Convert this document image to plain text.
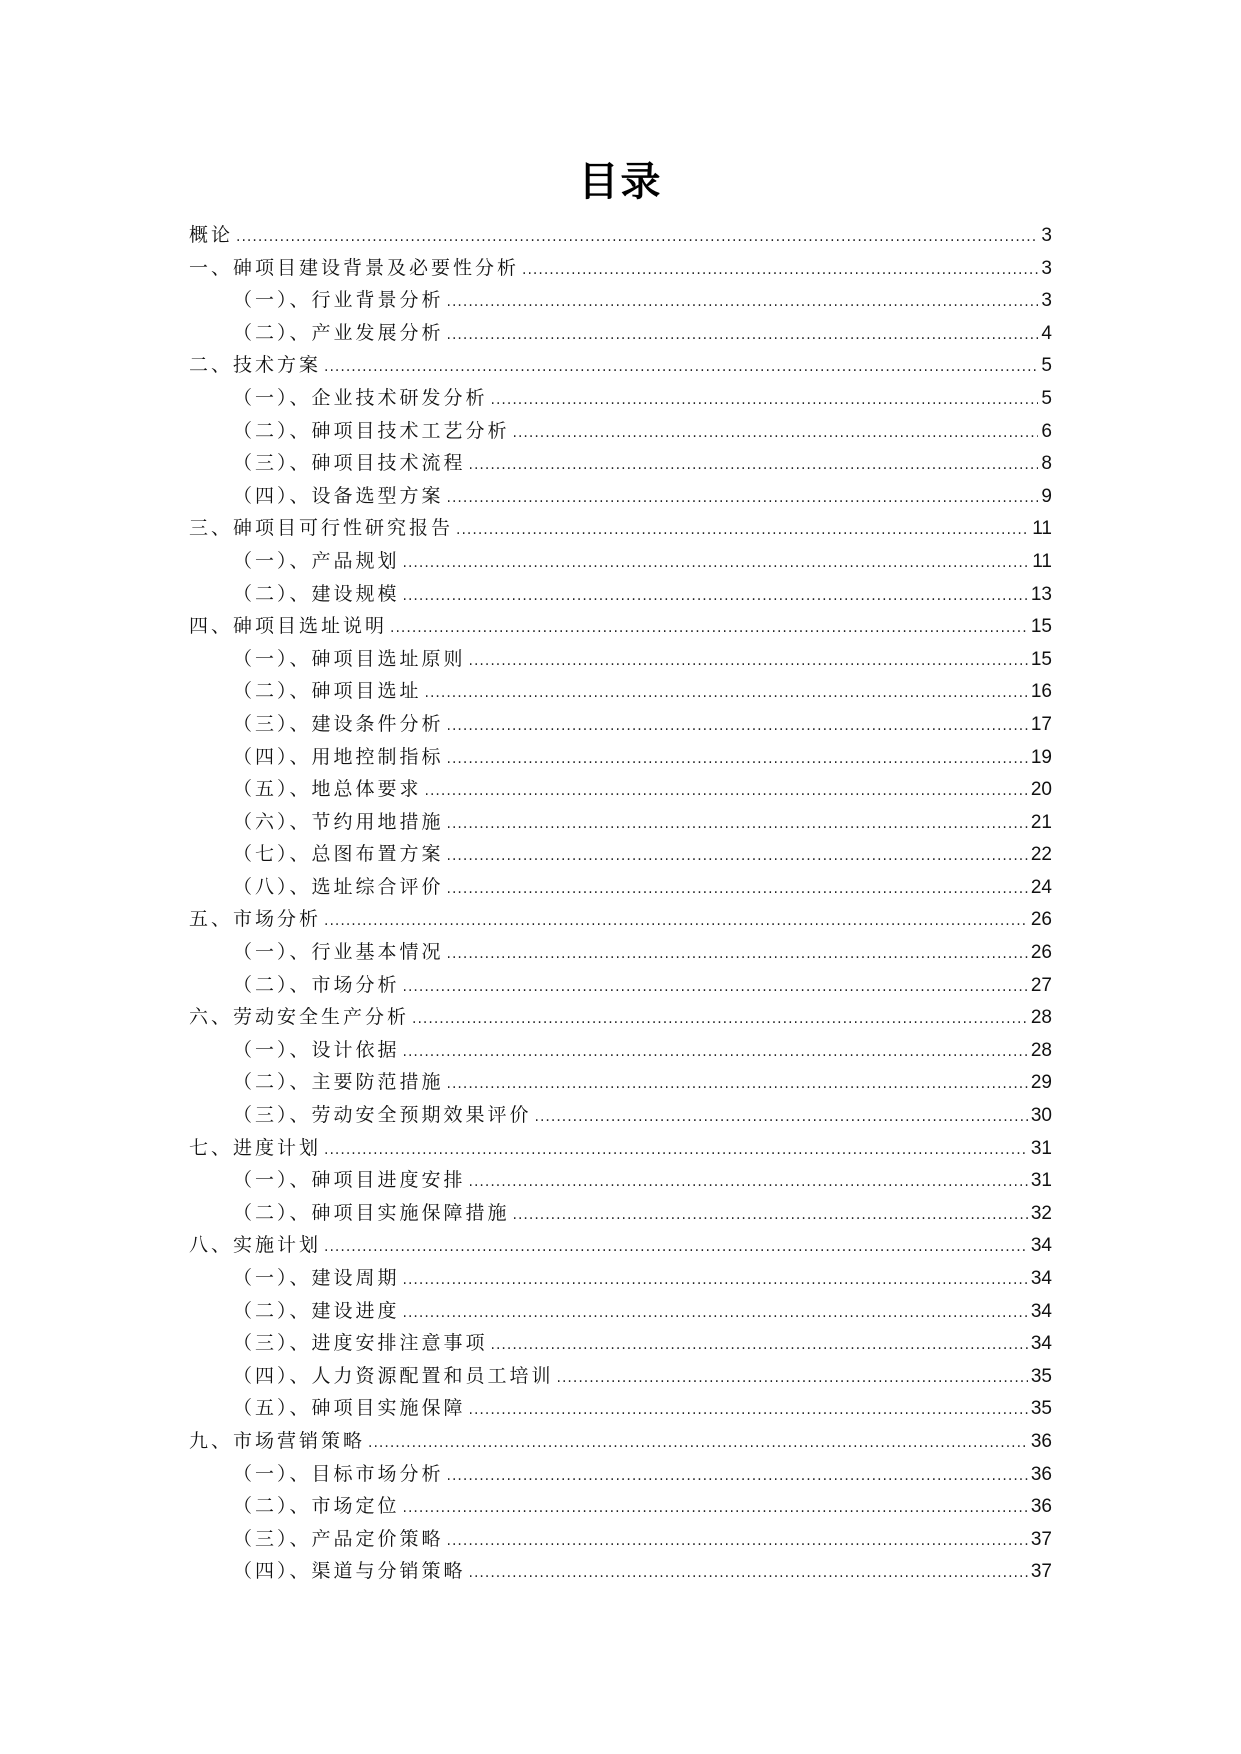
目录
概论 .....	3
一、砷项目建设背景及必要性分析 .....	3
（一）、行业背景分析 .....	3
（二）、产业发展分析 .....	4
二、技术方案 .....	5
（一）、企业技术研发分析 .....	5
（二）、砷项目技术工艺分析 .....	6
（三）、砷项目技术流程 .....	8
（四）、设备选型方案 .....	9
三、砷项目可行性研究报告 .....	11
（一）、产品规划 .....	11
（二）、建设规模 .....	13
四、砷项目选址说明 .....	15
（一）、砷项目选址原则 .....	15
（二）、砷项目选址 .....	16
（三）、建设条件分析 .....	17
（四）、用地控制指标 .....	19
（五）、地总体要求 .....	20
（六）、节约用地措施 .....	21
（七）、总图布置方案 .....	22
（八）、选址综合评价 .....	24
五、市场分析 .....	26
（一）、行业基本情况 .....	26
（二）、市场分析 .....	27
六、劳动安全生产分析 .....	28
（一）、设计依据 .....	28
（二）、主要防范措施 .....	29
（三）、劳动安全预期效果评价 .....	30
七、进度计划 .....	31
（一）、砷项目进度安排 .....	31
（二）、砷项目实施保障措施 .....	32
八、实施计划 .....	34
（一）、建设周期 .....	34
（二）、建设进度 .....	34
（三）、进度安排注意事项 .....	34
（四）、人力资源配置和员工培训 .....	35
（五）、砷项目实施保障 .....	35
九、市场营销策略 .....	36
（一）、目标市场分析 .....	36
（二）、市场定位 .....	36
（三）、产品定价策略 .....	37
（四）、渠道与分销策略 .....	37
